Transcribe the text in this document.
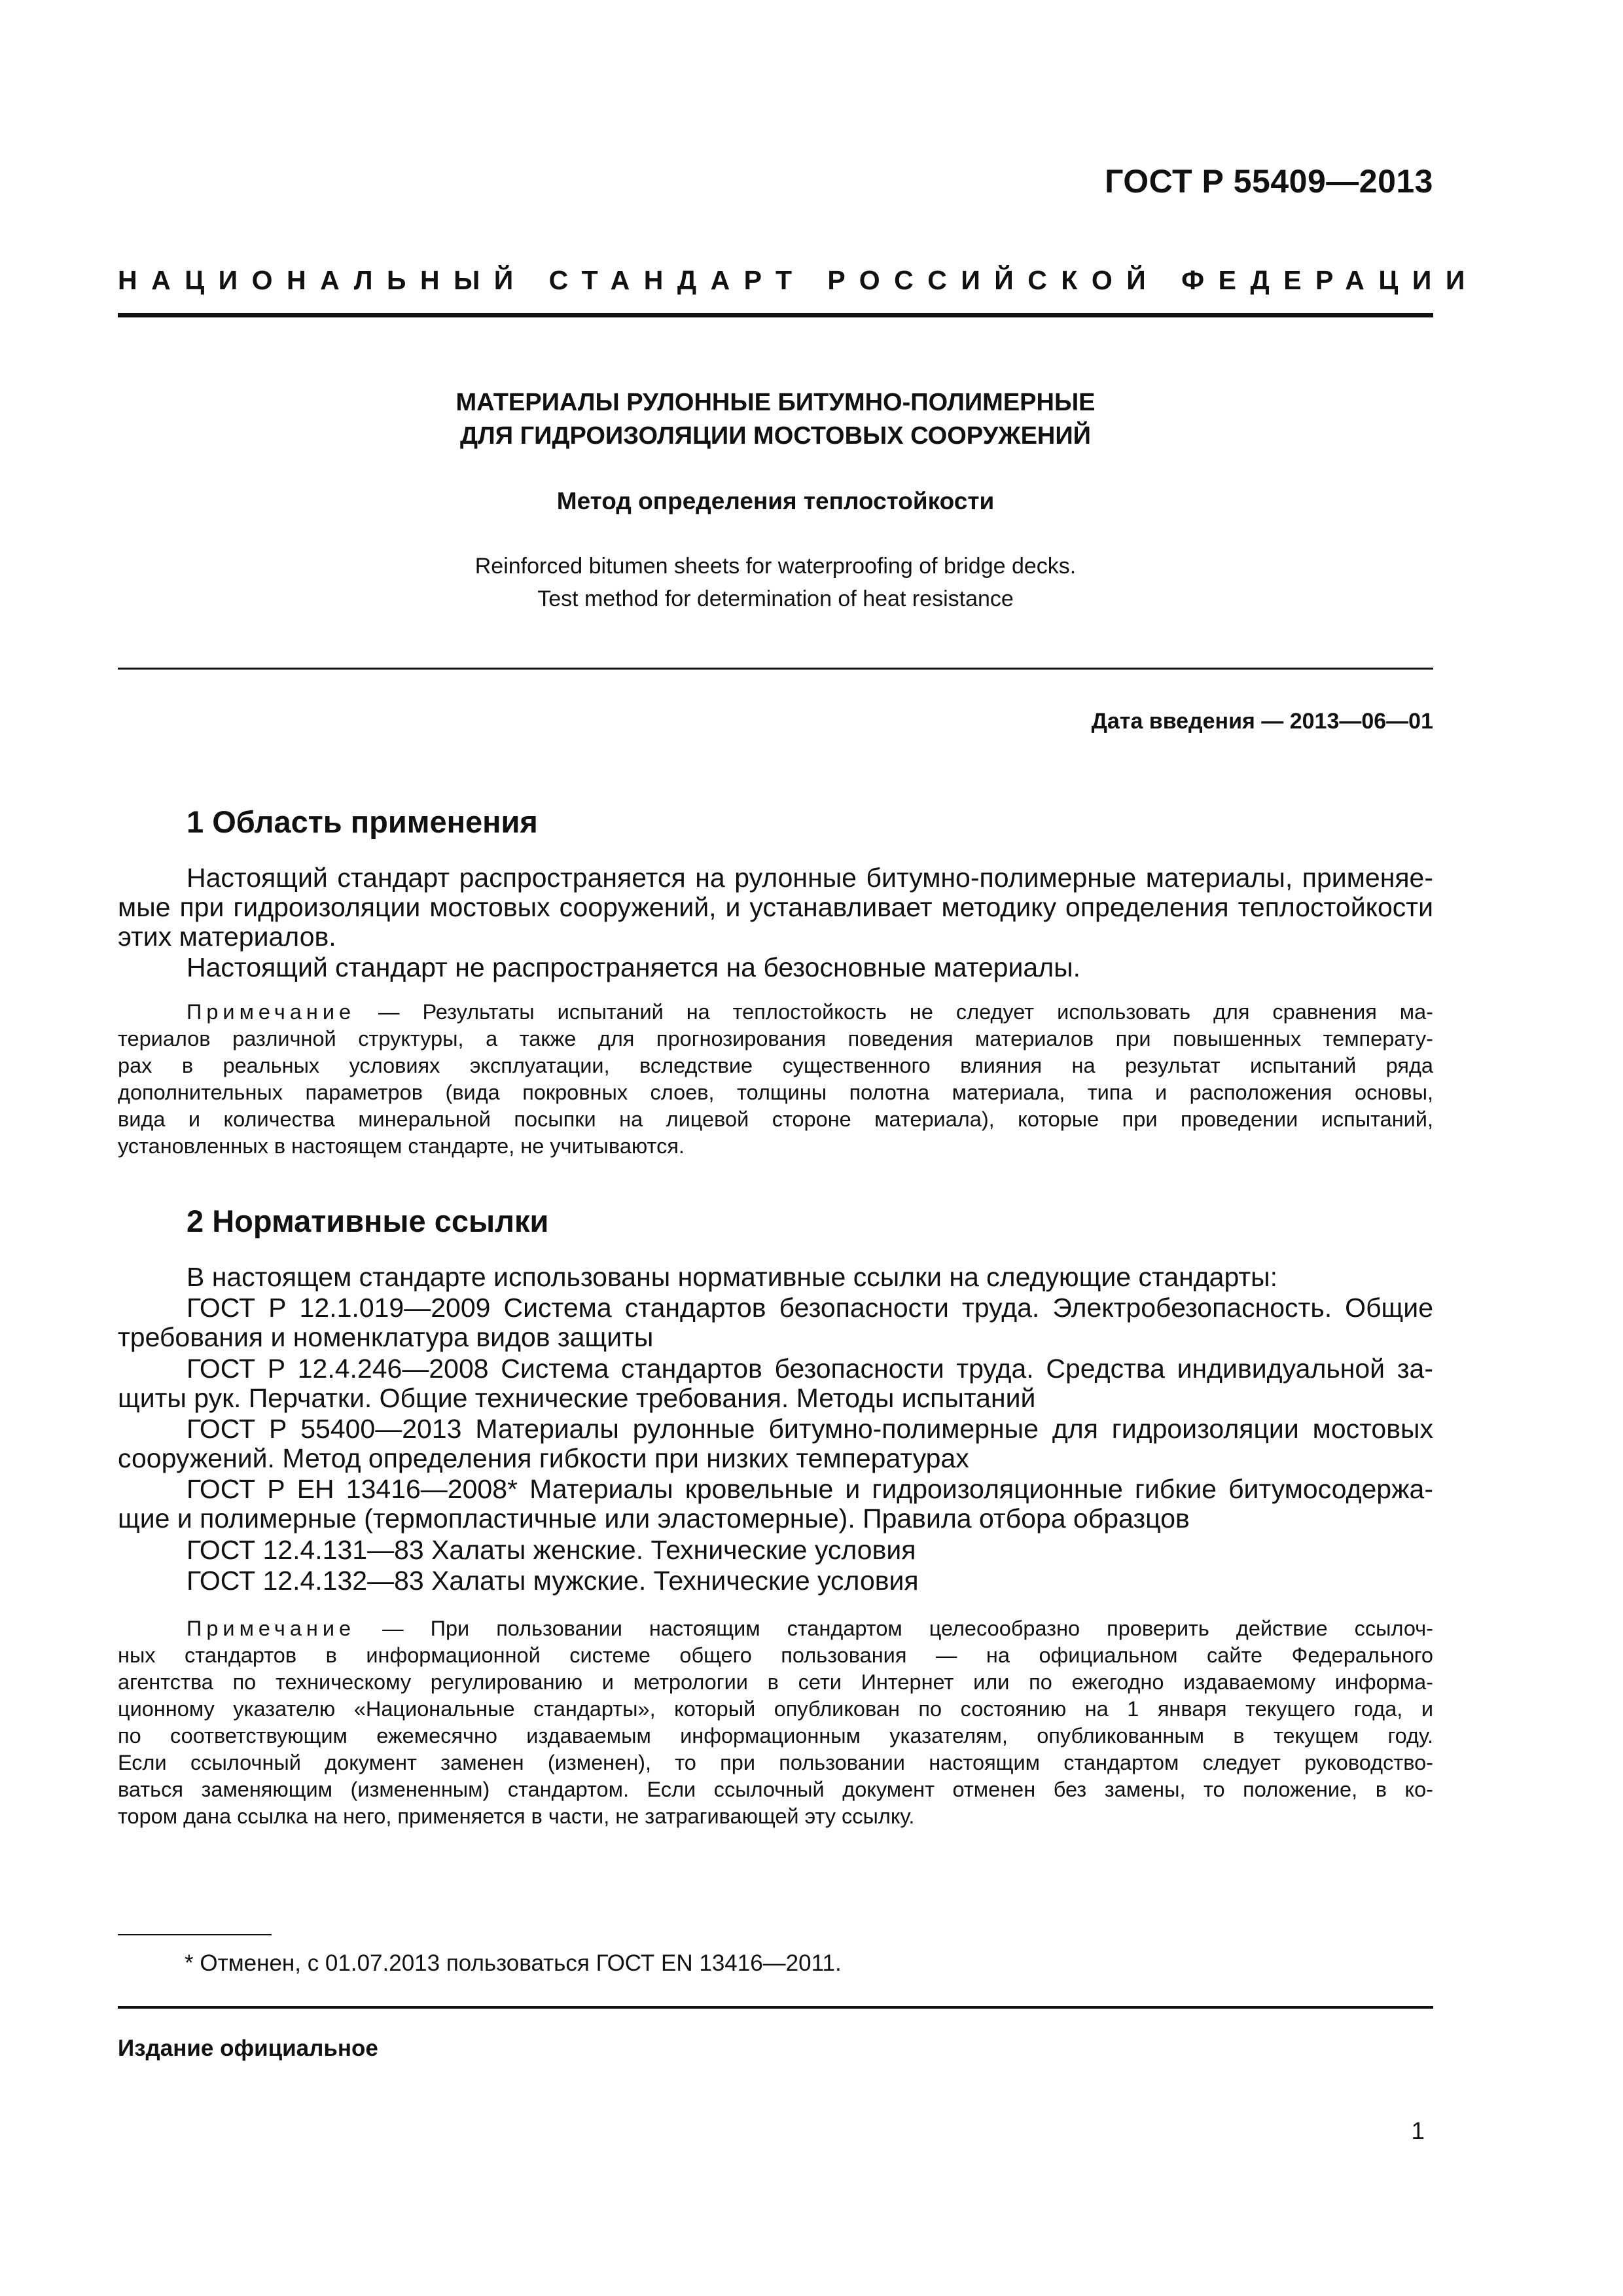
ГОСТ Р 55409—2013
НАЦИОНАЛЬНЫЙ СТАНДАРТ РОССИЙСКОЙ ФЕДЕРАЦИИ
МАТЕРИАЛЫ РУЛОННЫЕ БИТУМНО-ПОЛИМЕРНЫЕ
ДЛЯ ГИДРОИЗОЛЯЦИИ МОСТОВЫХ СООРУЖЕНИЙ
Метод определения теплостойкости
Reinforced bitumen sheets for waterproofing of bridge decks.
Test method for determination of heat resistance
Дата введения — 2013—06—01
1 Область применения
Настоящий стандарт распространяется на рулонные битумно-полимерные материалы, применяе-
мые при гидроизоляции мостовых сооружений, и устанавливает методику определения теплостойкости
этих материалов.
Настоящий стандарт не распространяется на безосновные материалы.
Примечание — Результаты испытаний на теплостойкость не следует использовать для сравнения ма-
териалов различной структуры, а также для прогнозирования поведения материалов при повышенных температу-
рах в реальных условиях эксплуатации, вследствие существенного влияния на результат испытаний ряда
дополнительных параметров (вида покровных слоев, толщины полотна материала, типа и расположения основы,
вида и количества минеральной посыпки на лицевой стороне материала), которые при проведении испытаний,
установленных в настоящем стандарте, не учитываются.
2 Нормативные ссылки
В настоящем стандарте использованы нормативные ссылки на следующие стандарты:
ГОСТ Р 12.1.019—2009 Система стандартов безопасности труда. Электробезопасность. Общие
требования и номенклатура видов защиты
ГОСТ Р 12.4.246—2008 Система стандартов безопасности труда. Средства индивидуальной за-
щиты рук. Перчатки. Общие технические требования. Методы испытаний
ГОСТ Р 55400—2013 Материалы рулонные битумно-полимерные для гидроизоляции мостовых
сооружений. Метод определения гибкости при низких температурах
ГОСТ Р ЕН 13416—2008* Материалы кровельные и гидроизоляционные гибкие битумосодержа-
щие и полимерные (термопластичные или эластомерные). Правила отбора образцов
ГОСТ 12.4.131—83 Халаты женские. Технические условия
ГОСТ 12.4.132—83 Халаты мужские. Технические условия
Примечание — При пользовании настоящим стандартом целесообразно проверить действие ссылоч-
ных стандартов в информационной системе общего пользования — на официальном сайте Федерального
агентства по техническому регулированию и метрологии в сети Интернет или по ежегодно издаваемому информа-
ционному указателю «Национальные стандарты», который опубликован по состоянию на 1 января текущего года, и
по соответствующим ежемесячно издаваемым информационным указателям, опубликованным в текущем году.
Если ссылочный документ заменен (изменен), то при пользовании настоящим стандартом следует руководство-
ваться заменяющим (измененным) стандартом. Если ссылочный документ отменен без замены, то положение, в ко-
тором дана ссылка на него, применяется в части, не затрагивающей эту ссылку.
* Отменен, с 01.07.2013 пользоваться ГОСТ EN 13416—2011.
Издание официальное
1
